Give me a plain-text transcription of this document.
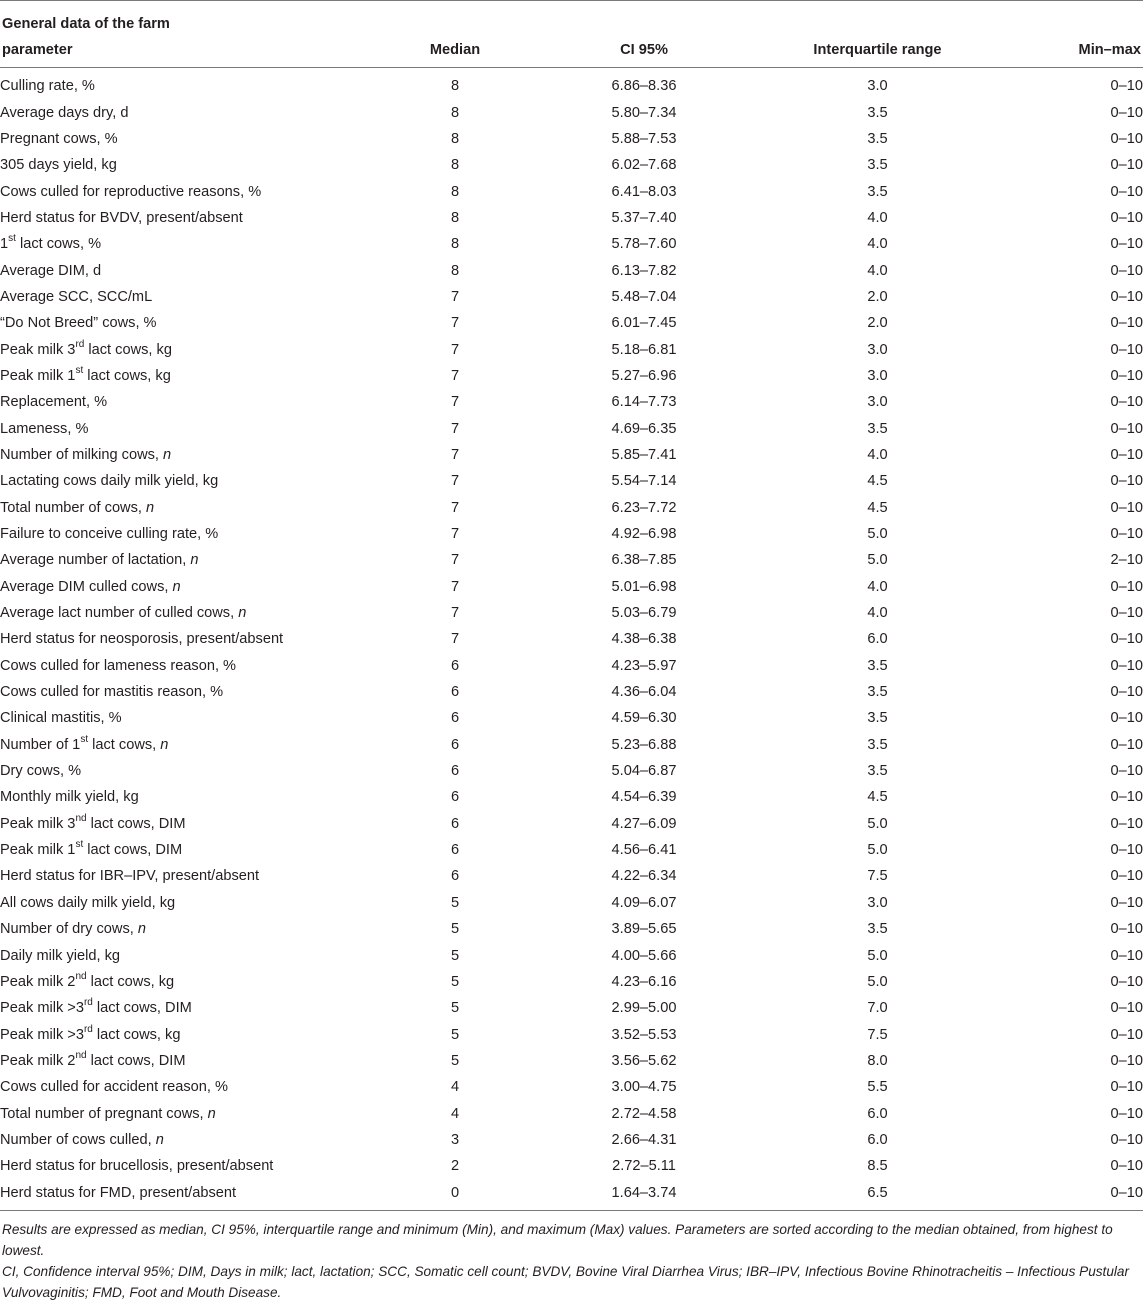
General data of the farm				
parameter	Median	CI 95%	Interquartile range	Min–max
Culling rate, %	8	6.86–8.36	3.0	0–10
Average days dry, d	8	5.80–7.34	3.5	0–10
Pregnant cows, %	8	5.88–7.53	3.5	0–10
305 days yield, kg	8	6.02–7.68	3.5	0–10
Cows culled for reproductive reasons, %	8	6.41–8.03	3.5	0–10
Herd status for BVDV, present/absent	8	5.37–7.40	4.0	0–10
1st lact cows, %	8	5.78–7.60	4.0	0–10
Average DIM, d	8	6.13–7.82	4.0	0–10
Average SCC, SCC/mL	7	5.48–7.04	2.0	0–10
“Do Not Breed” cows, %	7	6.01–7.45	2.0	0–10
Peak milk 3rd lact cows, kg	7	5.18–6.81	3.0	0–10
Peak milk 1st lact cows, kg	7	5.27–6.96	3.0	0–10
Replacement, %	7	6.14–7.73	3.0	0–10
Lameness, %	7	4.69–6.35	3.5	0–10
Number of milking cows, n	7	5.85–7.41	4.0	0–10
Lactating cows daily milk yield, kg	7	5.54–7.14	4.5	0–10
Total number of cows, n	7	6.23–7.72	4.5	0–10
Failure to conceive culling rate, %	7	4.92–6.98	5.0	0–10
Average number of lactation, n	7	6.38–7.85	5.0	2–10
Average DIM culled cows, n	7	5.01–6.98	4.0	0–10
Average lact number of culled cows, n	7	5.03–6.79	4.0	0–10
Herd status for neosporosis, present/absent	7	4.38–6.38	6.0	0–10
Cows culled for lameness reason, %	6	4.23–5.97	3.5	0–10
Cows culled for mastitis reason, %	6	4.36–6.04	3.5	0–10
Clinical mastitis, %	6	4.59–6.30	3.5	0–10
Number of 1st lact cows, n	6	5.23–6.88	3.5	0–10
Dry cows, %	6	5.04–6.87	3.5	0–10
Monthly milk yield, kg	6	4.54–6.39	4.5	0–10
Peak milk 3nd lact cows, DIM	6	4.27–6.09	5.0	0–10
Peak milk 1st lact cows, DIM	6	4.56–6.41	5.0	0–10
Herd status for IBR–IPV, present/absent	6	4.22–6.34	7.5	0–10
All cows daily milk yield, kg	5	4.09–6.07	3.0	0–10
Number of dry cows, n	5	3.89–5.65	3.5	0–10
Daily milk yield, kg	5	4.00–5.66	5.0	0–10
Peak milk 2nd lact cows, kg	5	4.23–6.16	5.0	0–10
Peak milk >3rd lact cows, DIM	5	2.99–5.00	7.0	0–10
Peak milk >3rd lact cows, kg	5	3.52–5.53	7.5	0–10
Peak milk 2nd lact cows, DIM	5	3.56–5.62	8.0	0–10
Cows culled for accident reason, %	4	3.00–4.75	5.5	0–10
Total number of pregnant cows, n	4	2.72–4.58	6.0	0–10
Number of cows culled, n	3	2.66–4.31	6.0	0–10
Herd status for brucellosis, present/absent	2	2.72–5.11	8.5	0–10
Herd status for FMD, present/absent	0	1.64–3.74	6.5	0–10

Results are expressed as median, CI 95%, interquartile range and minimum (Min), and maximum (Max) values. Parameters are sorted according to the median obtained, from highest to lowest.

CI, Confidence interval 95%; DIM, Days in milk; lact, lactation; SCC, Somatic cell count; BVDV, Bovine Viral Diarrhea Virus; IBR–IPV, Infectious Bovine Rhinotracheitis – Infectious Pustular Vulvovaginitis; FMD, Foot and Mouth Disease.
